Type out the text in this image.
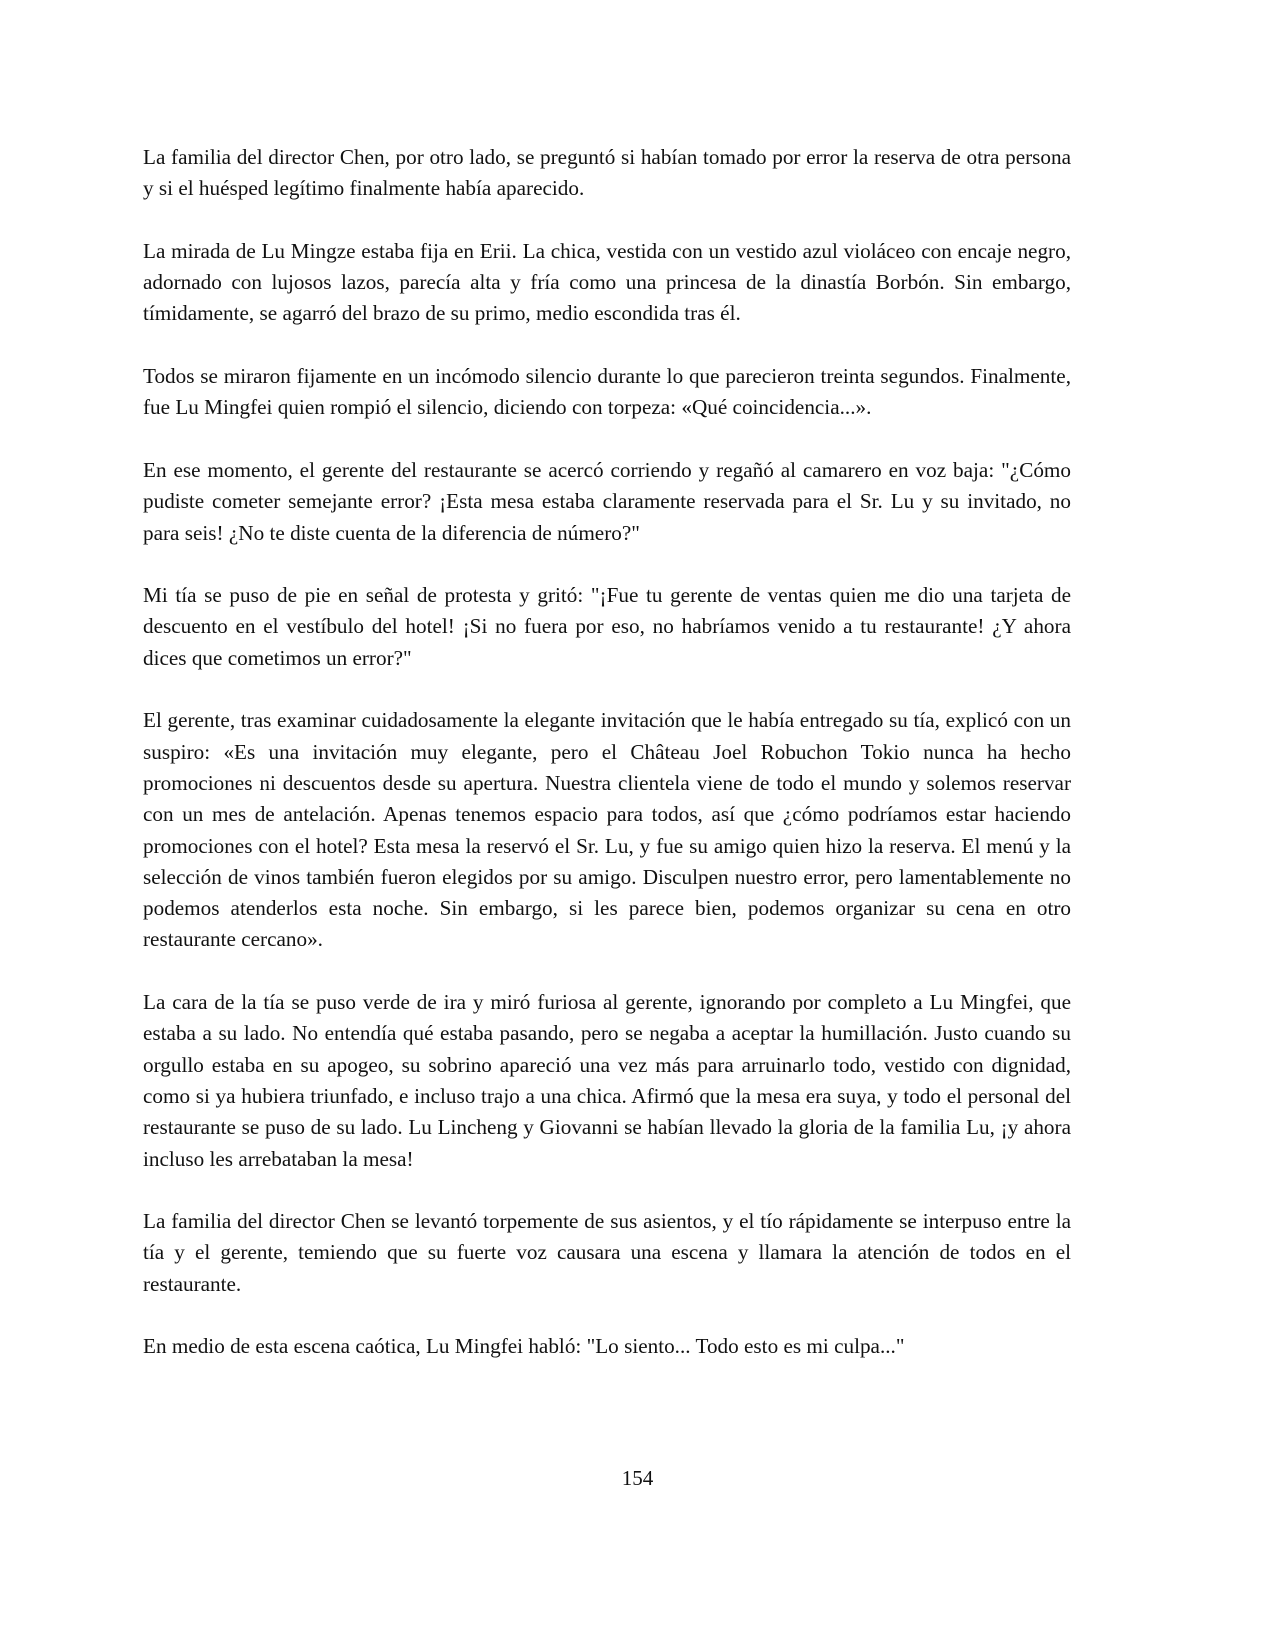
La familia del director Chen, por otro lado, se preguntó si habían tomado por error la reserva de otra persona y si el huésped legítimo finalmente había aparecido.

La mirada de Lu Mingze estaba fija en Erii. La chica, vestida con un vestido azul violáceo con encaje negro, adornado con lujosos lazos, parecía alta y fría como una princesa de la dinastía Borbón. Sin embargo, tímidamente, se agarró del brazo de su primo, medio escondida tras él.

Todos se miraron fijamente en un incómodo silencio durante lo que parecieron treinta segundos. Finalmente, fue Lu Mingfei quien rompió el silencio, diciendo con torpeza: «Qué coincidencia...».

En ese momento, el gerente del restaurante se acercó corriendo y regañó al camarero en voz baja: "¿Cómo pudiste cometer semejante error? ¡Esta mesa estaba claramente reservada para el Sr. Lu y su invitado, no para seis! ¿No te diste cuenta de la diferencia de número?"

Mi tía se puso de pie en señal de protesta y gritó: "¡Fue tu gerente de ventas quien me dio una tarjeta de descuento en el vestíbulo del hotel! ¡Si no fuera por eso, no habríamos venido a tu restaurante! ¿Y ahora dices que cometimos un error?"

El gerente, tras examinar cuidadosamente la elegante invitación que le había entregado su tía, explicó con un suspiro: «Es una invitación muy elegante, pero el Château Joel Robuchon Tokio nunca ha hecho promociones ni descuentos desde su apertura. Nuestra clientela viene de todo el mundo y solemos reservar con un mes de antelación. Apenas tenemos espacio para todos, así que ¿cómo podríamos estar haciendo promociones con el hotel? Esta mesa la reservó el Sr. Lu, y fue su amigo quien hizo la reserva. El menú y la selección de vinos también fueron elegidos por su amigo. Disculpen nuestro error, pero lamentablemente no podemos atenderlos esta noche. Sin embargo, si les parece bien, podemos organizar su cena en otro restaurante cercano».

La cara de la tía se puso verde de ira y miró furiosa al gerente, ignorando por completo a Lu Mingfei, que estaba a su lado. No entendía qué estaba pasando, pero se negaba a aceptar la humillación. Justo cuando su orgullo estaba en su apogeo, su sobrino apareció una vez más para arruinarlo todo, vestido con dignidad, como si ya hubiera triunfado, e incluso trajo a una chica. Afirmó que la mesa era suya, y todo el personal del restaurante se puso de su lado. Lu Lincheng y Giovanni se habían llevado la gloria de la familia Lu, ¡y ahora incluso les arrebataban la mesa!

La familia del director Chen se levantó torpemente de sus asientos, y el tío rápidamente se interpuso entre la tía y el gerente, temiendo que su fuerte voz causara una escena y llamara la atención de todos en el restaurante.

En medio de esta escena caótica, Lu Mingfei habló: "Lo siento... Todo esto es mi culpa..."

154
